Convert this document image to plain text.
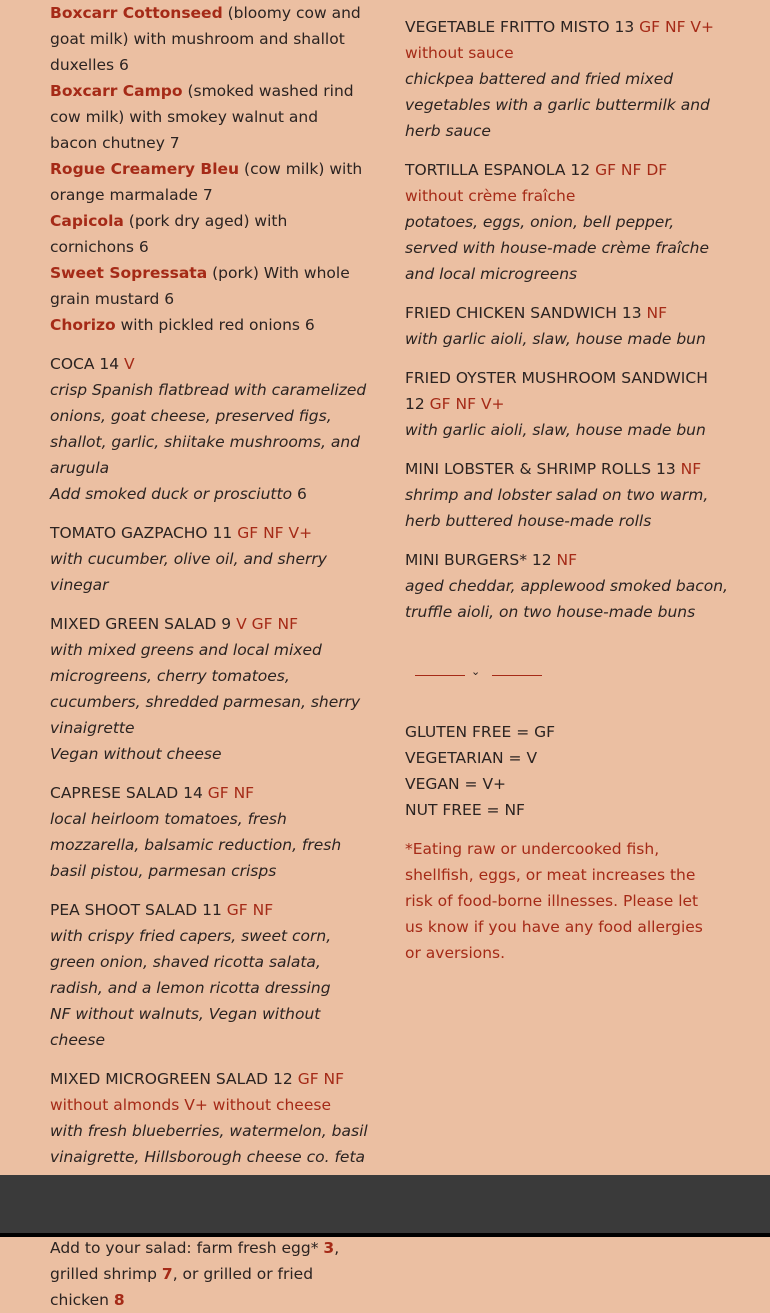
Boxcarr Cottonseed (bloomy cow and goat milk) with mushroom and shallot duxelles 6

Boxcarr Campo (smoked washed rind cow milk) with smokey walnut and bacon chutney 7

Rogue Creamery Bleu (cow milk) with orange marmalade 7

Capicola (pork dry aged) with cornichons 6

Sweet Sopressata (pork) With whole grain mustard 6

Chorizo with pickled red onions 6

COCA 14 V

crisp Spanish flatbread with caramelized onions, goat cheese, preserved figs, shallot, garlic, shiitake mushrooms, and arugula

Add smoked duck or prosciutto 6

TOMATO GAZPACHO 11 GF NF V+

with cucumber, olive oil, and sherry vinegar

MIXED GREEN SALAD 9 V GF NF

with mixed greens and local mixed microgreens, cherry tomatoes, cucumbers, shredded parmesan, sherry vinaigrette

Vegan without cheese

CAPRESE SALAD 14 GF NF

local heirloom tomatoes, fresh mozzarella, balsamic reduction, fresh basil pistou, parmesan crisps

PEA SHOOT SALAD 11 GF NF

with crispy fried capers, sweet corn, green onion, shaved ricotta salata, radish, and a lemon ricotta dressing

NF without walnuts, Vegan without cheese

MIXED MICROGREEN SALAD 12 GF NF without almonds V+ without cheese

with fresh blueberries, watermelon, basil vinaigrette, Hillsborough cheese co. feta

Add to your salad: farm fresh egg* 3, grilled shrimp 7, or grilled or fried chicken 8

VEGETABLE FRITTO MISTO 13 GF NF V+ without sauce

chickpea battered and fried mixed vegetables with a garlic buttermilk and herb sauce

TORTILLA ESPANOLA 12 GF NF DF without crème fraîche

potatoes, eggs, onion, bell pepper, served with house-made crème fraîche and local microgreens

FRIED CHICKEN SANDWICH 13 NF

with garlic aioli, slaw, house made bun

FRIED OYSTER MUSHROOM SANDWICH 12 GF NF V+

with garlic aioli, slaw, house made bun

MINI LOBSTER & SHRIMP ROLLS 13 NF

shrimp and lobster salad on two warm, herb buttered house-made rolls

MINI BURGERS* 12 NF

aged cheddar, applewood smoked bacon, truffle aioli, on two house-made buns

⌄

GLUTEN FREE = GF

VEGETARIAN = V

VEGAN = V+

NUT FREE = NF

*Eating raw or undercooked fish, shellfish, eggs, or meat increases the risk of food-borne illnesses. Please let us know if you have any food allergies or aversions.
